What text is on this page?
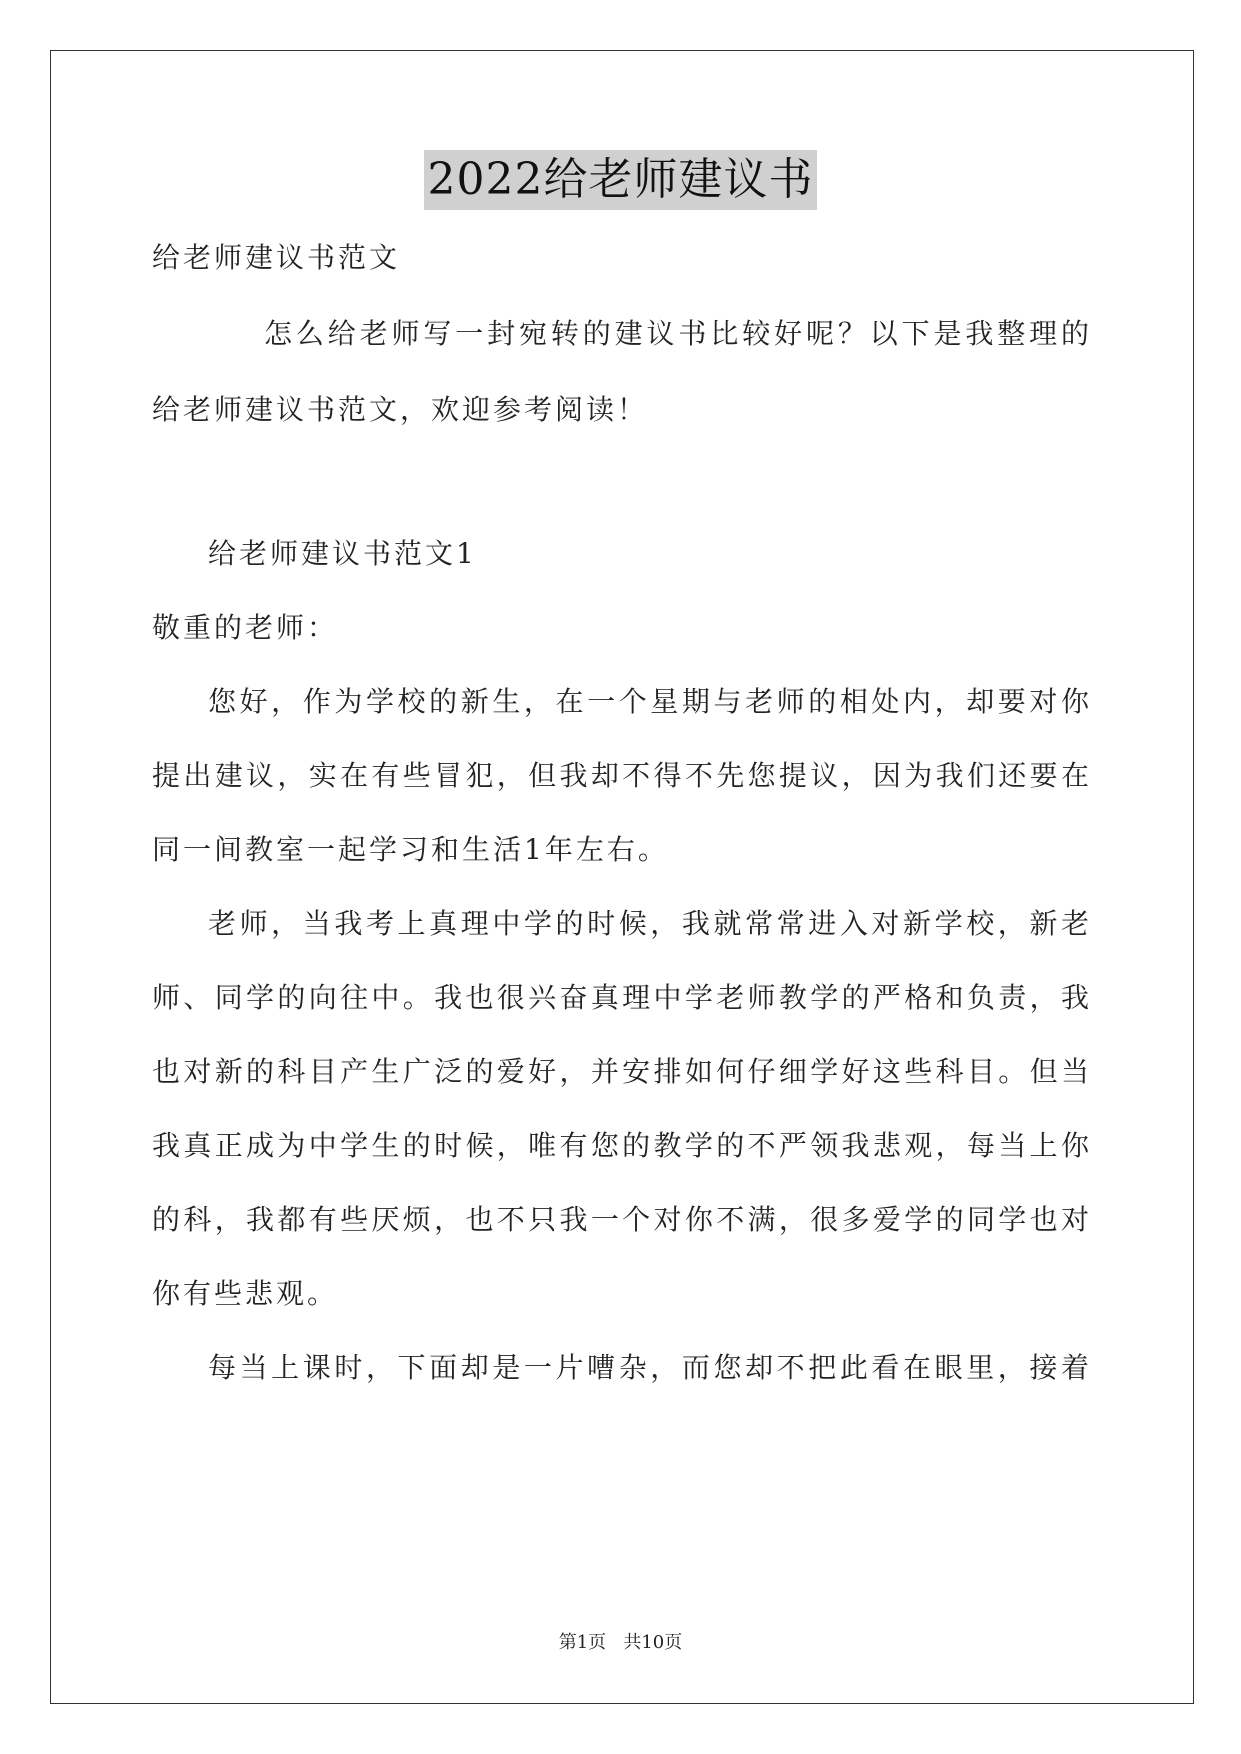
2022给老师建议书
给老师建议书范文
怎么给老师写一封宛转的建议书比较好呢？以下是我整理的
给老师建议书范文，欢迎参考阅读！
给老师建议书范文1
敬重的老师：
您好，作为学校的新生，在一个星期与老师的相处内，却要对你
提出建议，实在有些冒犯，但我却不得不先您提议，因为我们还要在
同一间教室一起学习和生活1年左右。
老师，当我考上真理中学的时候，我就常常进入对新学校，新老
师、同学的向往中。我也很兴奋真理中学老师教学的严格和负责，我
也对新的科目产生广泛的爱好，并安排如何仔细学好这些科目。但当
我真正成为中学生的时候，唯有您的教学的不严领我悲观，每当上你
的科，我都有些厌烦，也不只我一个对你不满，很多爱学的同学也对
你有些悲观。
每当上课时，下面却是一片嘈杂，而您却不把此看在眼里，接着
第1页   共10页
